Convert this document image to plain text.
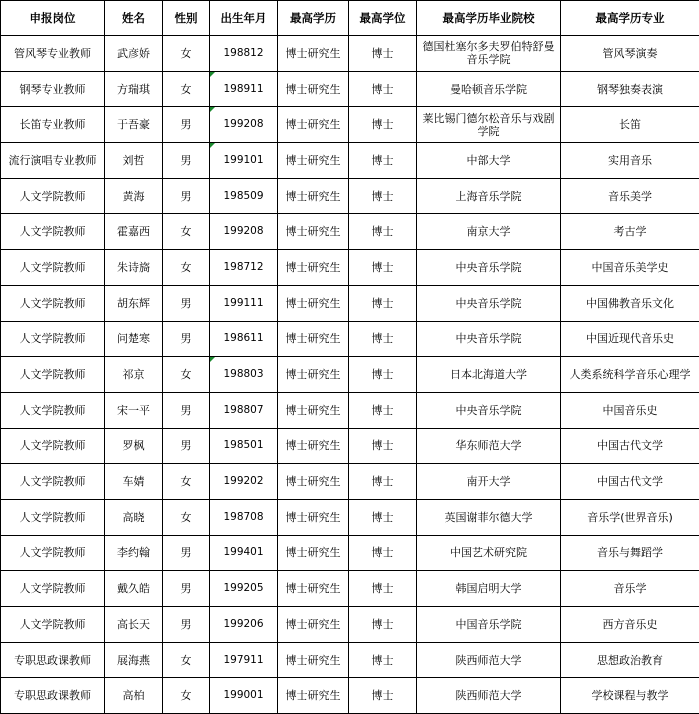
申报岗位	姓名	性别	出生年月	最高学历	最高学位	最高学历毕业院校	最高学历专业
管风琴专业教师	武彦娇	女	198812	博士研究生	博士	德国杜塞尔多夫罗伯特舒曼音乐学院	管风琴演奏
钢琴专业教师	方瑞琪	女	198911	博士研究生	博士	曼哈顿音乐学院	钢琴独奏表演
长笛专业教师	于吾豪	男	199208	博士研究生	博士	莱比锡门德尔松音乐与戏剧学院	长笛
流行演唱专业教师	刘哲	男	199101	博士研究生	博士	中部大学	实用音乐
人文学院教师	黄海	男	198509	博士研究生	博士	上海音乐学院	音乐美学
人文学院教师	霍嘉西	女	199208	博士研究生	博士	南京大学	考古学
人文学院教师	朱诗旖	女	198712	博士研究生	博士	中央音乐学院	中国音乐美学史
人文学院教师	胡东辉	男	199111	博士研究生	博士	中央音乐学院	中国佛教音乐文化
人文学院教师	问楚寒	男	198611	博士研究生	博士	中央音乐学院	中国近现代音乐史
人文学院教师	祁京	女	198803	博士研究生	博士	日本北海道大学	人类系统科学音乐心理学
人文学院教师	宋一平	男	198807	博士研究生	博士	中央音乐学院	中国音乐史
人文学院教师	罗枫	男	198501	博士研究生	博士	华东师范大学	中国古代文学
人文学院教师	车婧	女	199202	博士研究生	博士	南开大学	中国古代文学
人文学院教师	高晓	女	198708	博士研究生	博士	英国谢菲尔德大学	音乐学(世界音乐)
人文学院教师	李约翰	男	199401	博士研究生	博士	中国艺术研究院	音乐与舞蹈学
人文学院教师	戴久皓	男	199205	博士研究生	博士	韩国启明大学	音乐学
人文学院教师	高长天	男	199206	博士研究生	博士	中国音乐学院	西方音乐史
专职思政课教师	展海燕	女	197911	博士研究生	博士	陕西师范大学	思想政治教育
专职思政课教师	高柏	女	199001	博士研究生	博士	陕西师范大学	学校课程与教学
